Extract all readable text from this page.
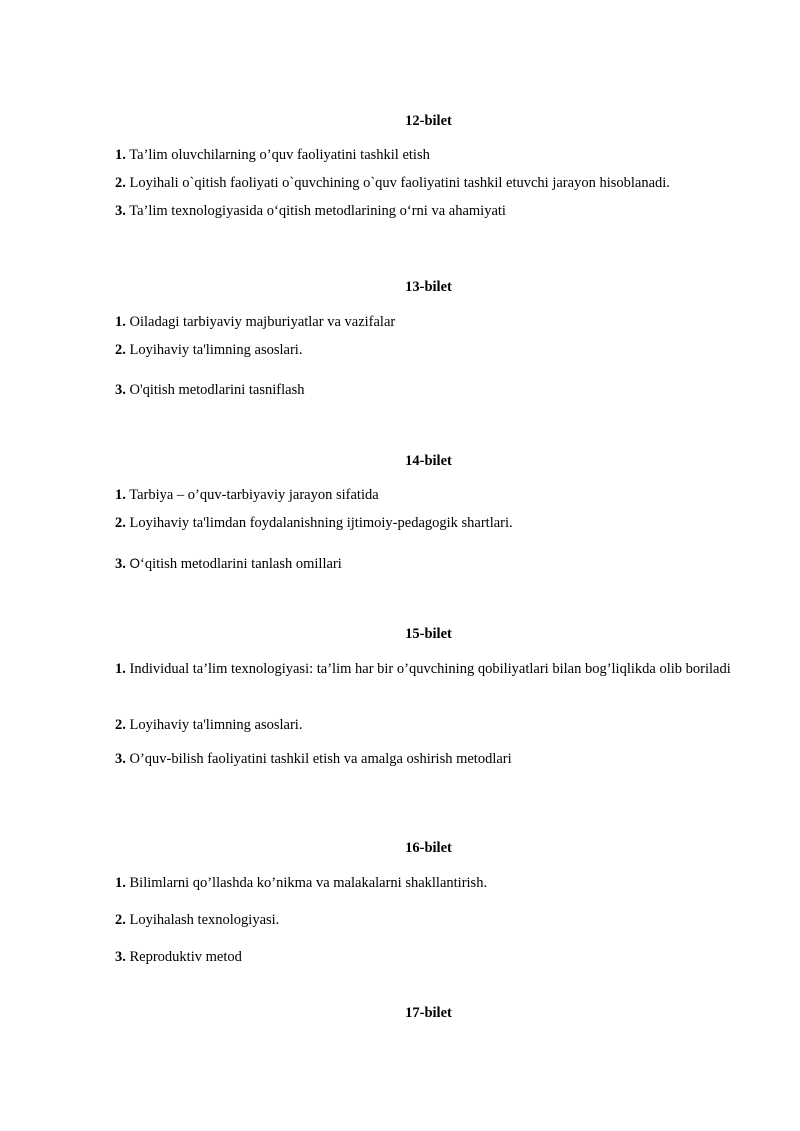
12-bilet
1. Ta’lim oluvchilarning o’quv faoliyatini tashkil etish
2. Loyihali o`qitish faoliyati o`quvchining o`quv faoliyatini tashkil etuvchi jarayon hisoblanadi.
3. Ta’lim texnologiyasida oʻqitish metodlarining oʻrni va ahamiyati
13-bilet
1. Oiladagi tarbiyaviy majburiyatlar va vazifalar
2. Loyihaviy ta'limning asoslari.
3. O'qitish metodlarini tasniflash
14-bilet
1. Tarbiya – o’quv-tarbiyaviy jarayon sifatida
2. Loyihaviy ta'limdan foydalanishning ijtimoiy-pedagogik shartlari.
3. Oʻqitish metodlarini tanlash omillari
15-bilet
1. Individual ta’lim texnologiyasi: ta’lim har bir o’quvchining qobiliyatlari bilan bog’liqlikda olib boriladi
2. Loyihaviy ta'limning asoslari.
3. O’quv-bilish faoliyatini tashkil etish va amalga oshirish metodlari
16-bilet
1. Bilimlarni qo’llashda ko’nikma va malakalarni shakllantirish.
2. Loyihalash texnologiyasi.
3. Reproduktiv metod
17-bilet
